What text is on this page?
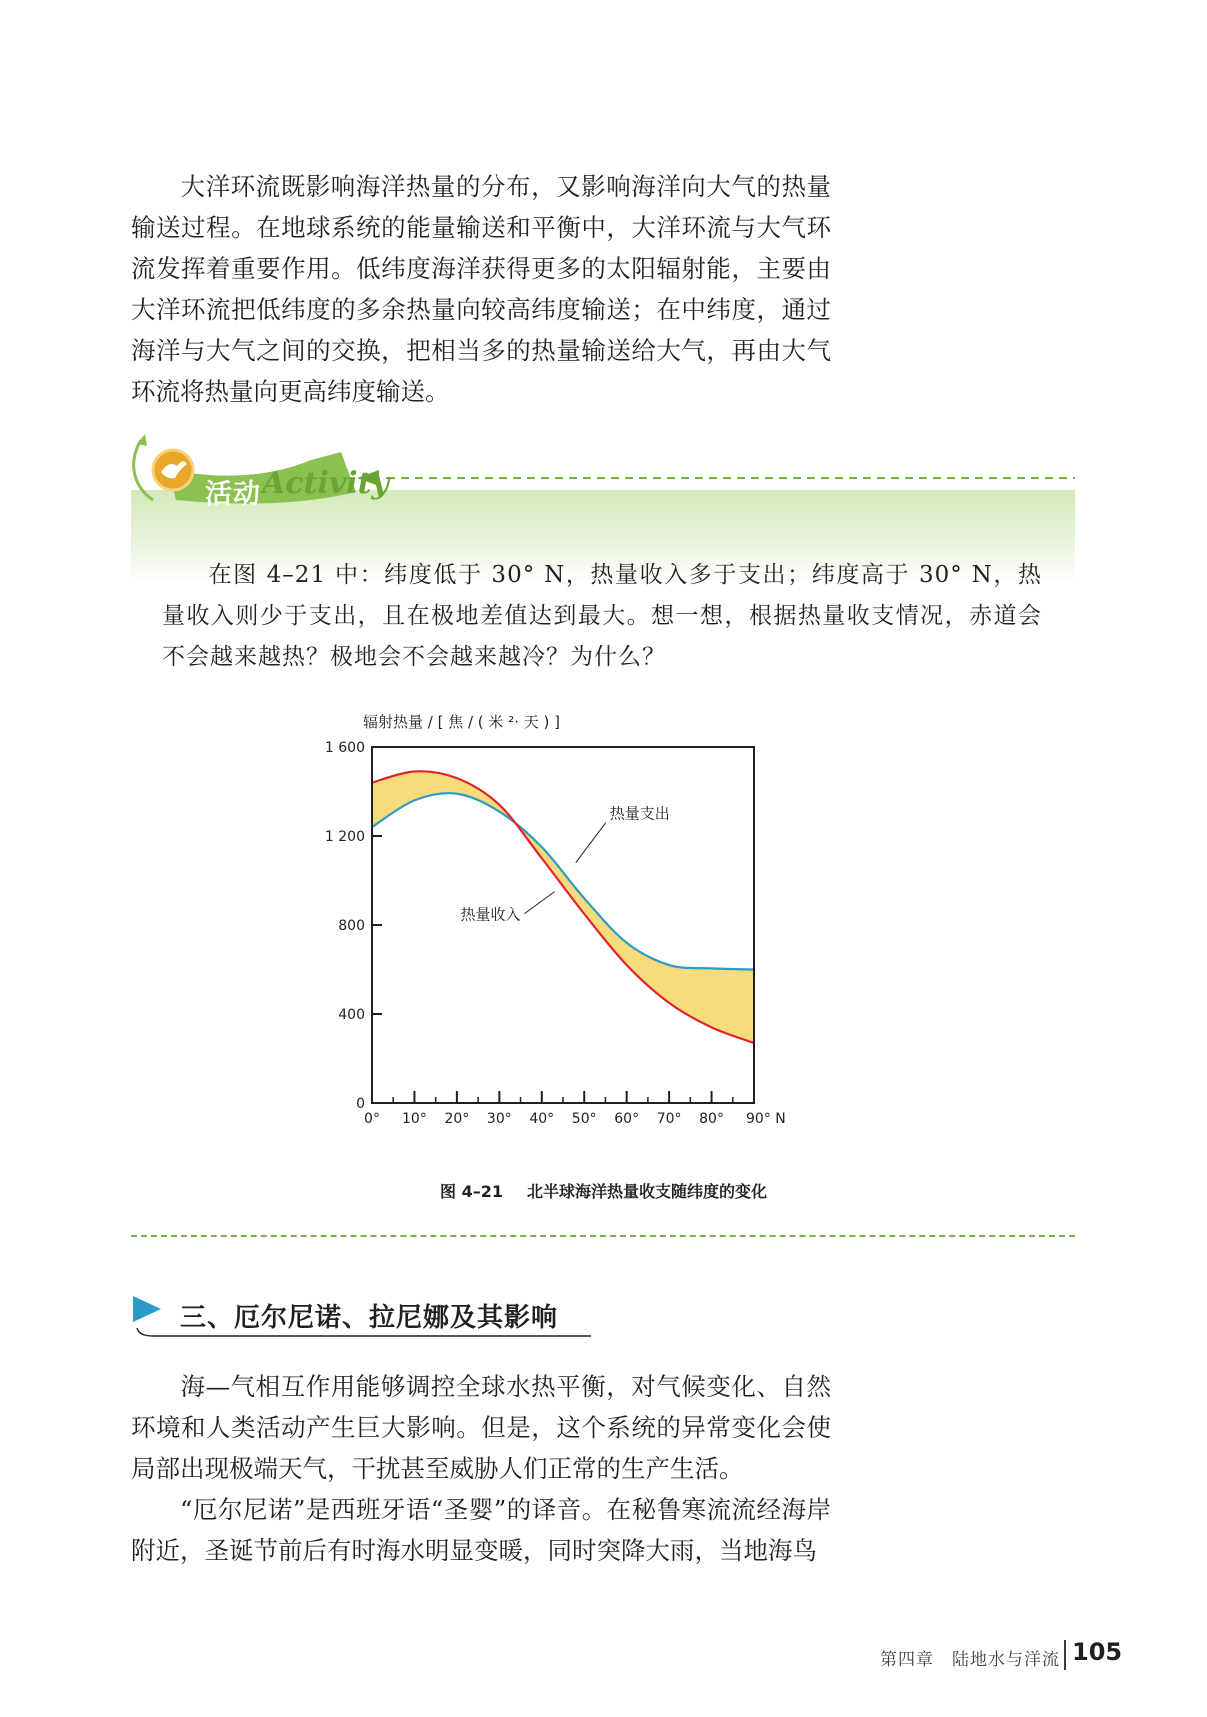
大洋环流既影响海洋热量的分布，又影响海洋向大气的热量输送过程。在地球系统的能量输送和平衡中，大洋环流与大气环流发挥着重要作用。低纬度海洋获得更多的太阳辐射能，主要由大洋环流把低纬度的多余热量向较高纬度输送；在中纬度，通过海洋与大气之间的交换，把相当多的热量输送给大气，再由大气环流将热量向更高纬度输送。

活动 Activity

在图 4–21 中：纬度低于 30° N，热量收入多于支出；纬度高于 30° N，热量收入则少于支出，且在极地差值达到最大。想一想，根据热量收支情况，赤道会不会越来越热？极地会不会越来越冷？为什么？

辐射热量 / [ 焦 / ( 米 ²· 天 ) ]
0
400
800
1 200
1 600
0° 10° 20° 30° 40° 50° 60° 70° 80° 90° N
热量支出
热量收入
图 4–21 北半球海洋热量收支随纬度的变化
三、厄尔尼诺、拉尼娜及其影响

海—气相互作用能够调控全球水热平衡，对气候变化、自然环境和人类活动产生巨大影响。但是，这个系统的异常变化会使局部出现极端天气，干扰甚至威胁人们正常的生产生活。

“厄尔尼诺”是西班牙语“圣婴”的译音。在秘鲁寒流流经海岸附近，圣诞节前后有时海水明显变暖，同时突降大雨，当地海鸟

第四章　陆地水与洋流 105
